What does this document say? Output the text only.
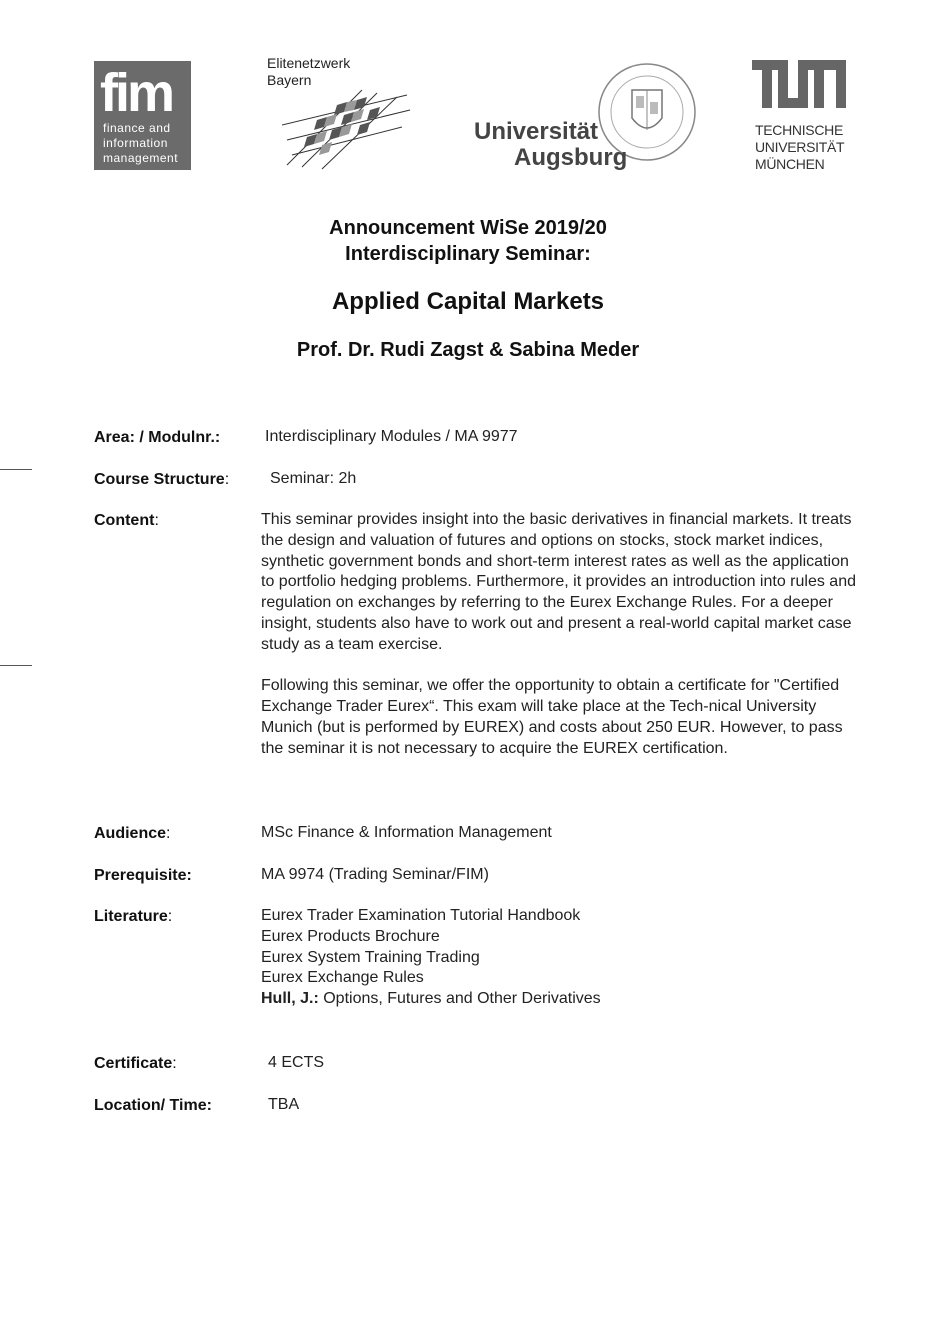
fim
finance and
information
management
Elitenetzwerk
Bayern
Universität
Augsburg
TECHNISCHE
UNIVERSITÄT
MÜNCHEN
Announcement WiSe 2019/20
Interdisciplinary Seminar:
Applied Capital Markets
Prof. Dr. Rudi Zagst & Sabina Meder
Area: / Modulnr.:	Interdisciplinary Modules / MA 9977
Course Structure:	Seminar: 2h
Content:	This seminar provides insight into the basic derivatives in financial markets. It treats the design and valuation of futures and options on stocks, stock market indices, synthetic government bonds and short-term interest rates as well as the application to portfolio hedging problems. Furthermore, it provides an introduction into rules and regulation on exchanges by referring to the Eurex Exchange Rules. For a deeper insight, students also have to work out and present a real-world capital market case study as a team exercise.

Following this seminar, we offer the opportunity to obtain a certificate for "Certified Exchange Trader Eurex“. This exam will take place at the Tech-nical University Munich (but is performed by EUREX) and costs about 250 EUR. However, to pass the seminar it is not necessary to acquire the EUREX certification.

Audience:	MSc Finance & Information Management
Prerequisite:	MA 9974 (Trading Seminar/FIM)
Literature:	Eurex Trader Examination Tutorial Handbook
Eurex Products Brochure
Eurex System Training Trading
Eurex Exchange Rules
Hull, J.: Options, Futures and Other Derivatives
Certificate:	4 ECTS
Location/ Time:	TBA
